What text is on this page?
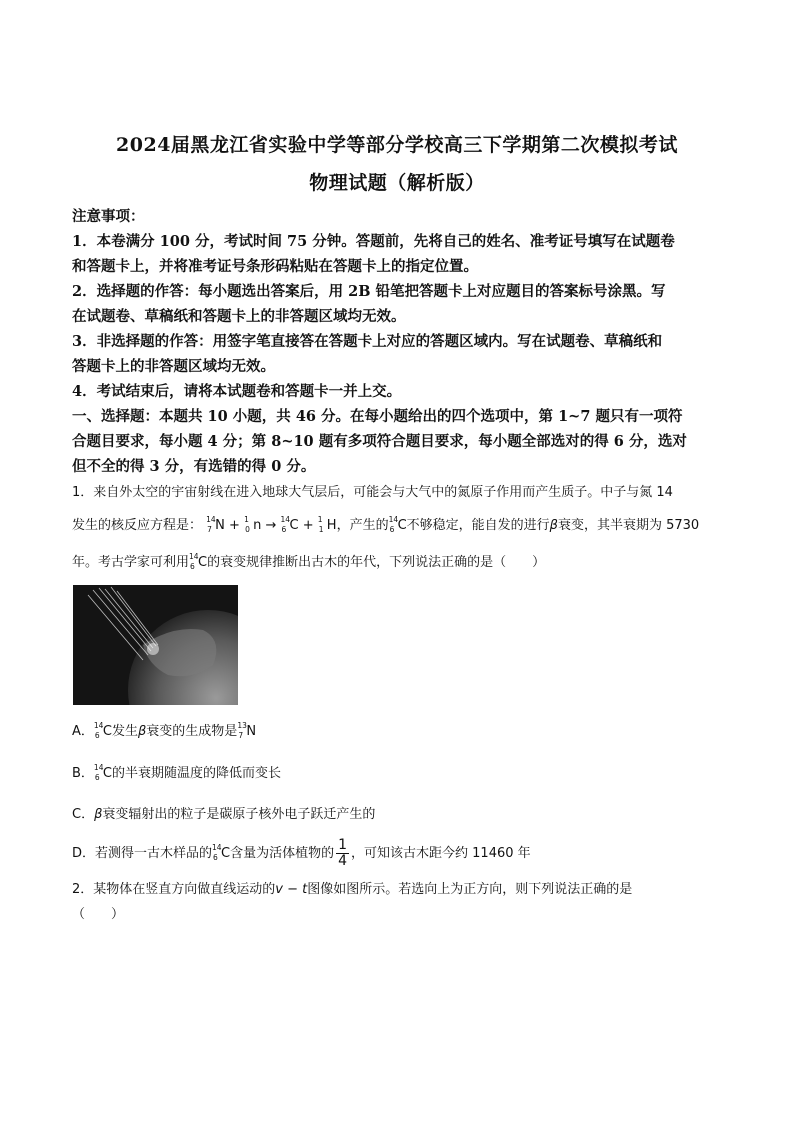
2024届黑龙江省实验中学等部分学校高三下学期第二次模拟考试
物理试题（解析版）
注意事项：
1．本卷满分 100 分，考试时间 75 分钟。答题前，先将自己的姓名、准考证号填写在试题卷
和答题卡上，并将准考证号条形码粘贴在答题卡上的指定位置。
2．选择题的作答：每小题选出答案后，用 2B 铅笔把答题卡上对应题目的答案标号涂黑。写
在试题卷、草稿纸和答题卡上的非答题区域均无效。
3．非选择题的作答：用签字笔直接答在答题卡上对应的答题区域内。写在试题卷、草稿纸和
答题卡上的非答题区域均无效。
4．考试结束后，请将本试题卷和答题卡一并上交。
一、选择题：本题共 10 小题，共 46 分。在每小题给出的四个选项中，第 1~7 题只有一项符
合题目要求，每小题 4 分；第 8~10 题有多项符合题目要求，每小题全部选对的得 6 分，选对
但不全的得 3 分，有选错的得 0 分。
1．来自外太空的宇宙射线在进入地球大气层后，可能会与大气中的氮原子作用而产生质子。中子与氮 14
发生的核反应方程是： 14
7 N + 1
0 n → 14
6 C + 1
1 H，产生的 14
6 C不够稳定，能自发的进行β衰变，其半衰期为 5730
年。考古学家可利用 14
6 C的衰变规律推断出古木的年代，下列说法正确的是（　　）
A． 14
6 C发生β衰变的生成物是 13
7 N
B． 14
6 C的半衰期随温度的降低而变长
C．β衰变辐射出的粒子是碳原子核外电子跃迁产生的
D．若测得一古木样品的 14
6 C含量为活体植物的 $\frac{1}{4}$ ，可知该古木距今约 11460 年
2．某物体在竖直方向做直线运动的v − t图像如图所示。若选向上为正方向，则下列说法正确的是
（　　）
